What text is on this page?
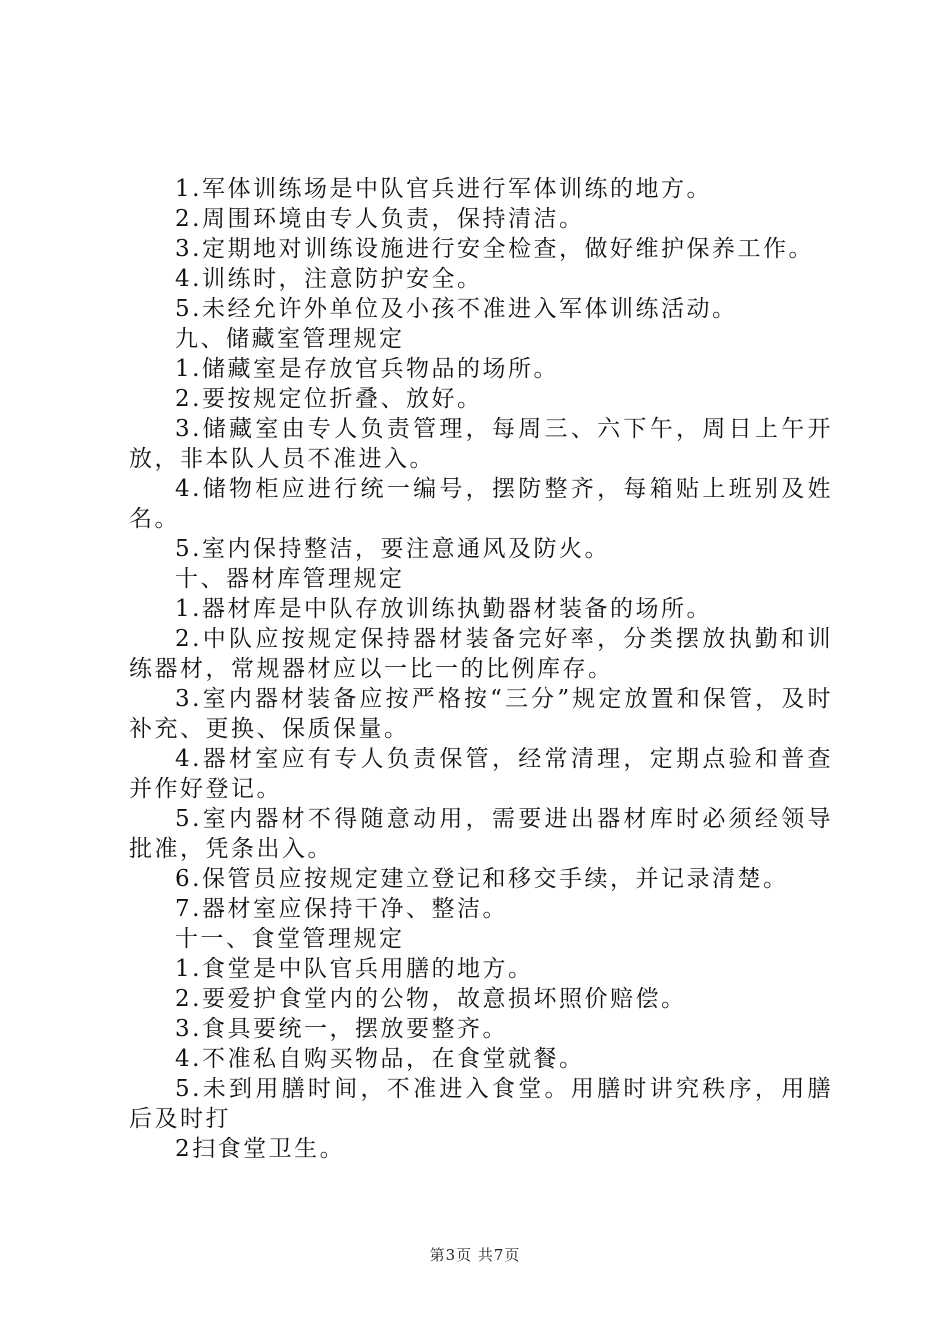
1.军体训练场是中队官兵进行军体训练的地方。

2.周围环境由专人负责，保持清洁。

3.定期地对训练设施进行安全检查，做好维护保养工作。

4.训练时，注意防护安全。

5.未经允许外单位及小孩不准进入军体训练活动。

九、储藏室管理规定

1.储藏室是存放官兵物品的场所。

2.要按规定位折叠、放好。

3.储藏室由专人负责管理，每周三、六下午，周日上午开放，非本队人员不准进入。

4.储物柜应进行统一编号，摆防整齐，每箱贴上班别及姓名。

5.室内保持整洁，要注意通风及防火。

十、器材库管理规定

1.器材库是中队存放训练执勤器材装备的场所。

2.中队应按规定保持器材装备完好率，分类摆放执勤和训练器材，常规器材应以一比一的比例库存。

3.室内器材装备应按严格按“三分”规定放置和保管，及时补充、更换、保质保量。

4.器材室应有专人负责保管，经常清理，定期点验和普查并作好登记。

5.室内器材不得随意动用，需要进出器材库时必须经领导批准，凭条出入。

6.保管员应按规定建立登记和移交手续，并记录清楚。

7.器材室应保持干净、整洁。

十一、食堂管理规定

1.食堂是中队官兵用膳的地方。

2.要爱护食堂内的公物，故意损坏照价赔偿。

3.食具要统一，摆放要整齐。

4.不准私自购买物品，在食堂就餐。

5.未到用膳时间，不准进入食堂。用膳时讲究秩序，用膳后及时打

2扫食堂卫生。

第3页 共7页
